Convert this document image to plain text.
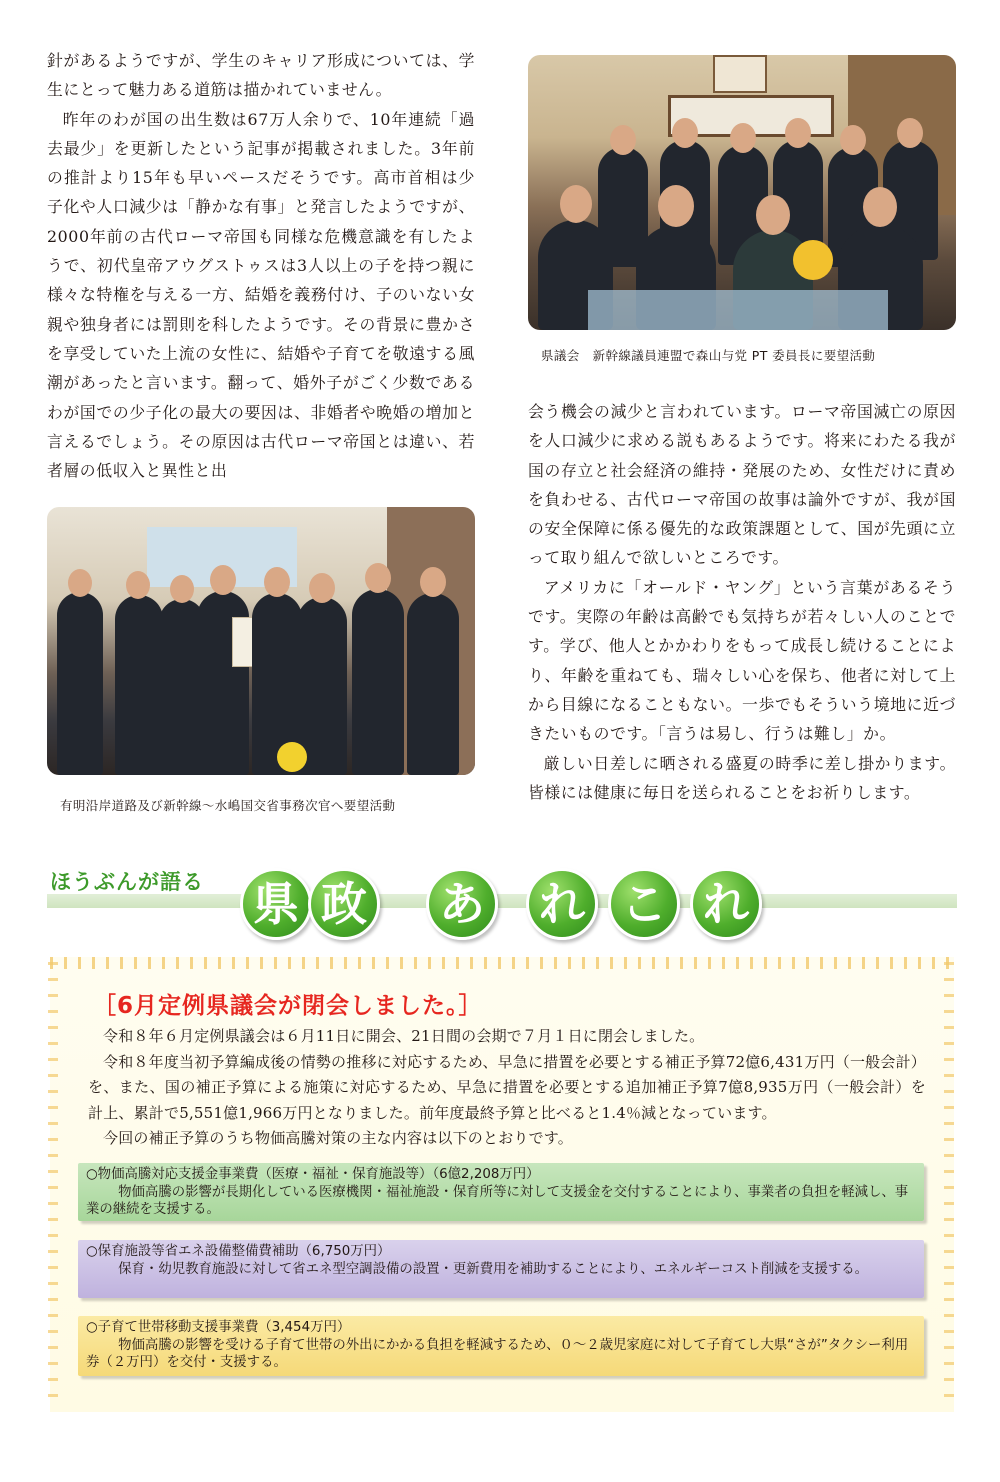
針があるようですが、学生のキャリア形成については、学生にとって魅力ある道筋は描かれていません。

昨年のわが国の出生数は67万人余りで、10年連続「過去最少」を更新したという記事が掲載されました。3年前の推計より15年も早いペースだそうです。高市首相は少子化や人口減少は「静かな有事」と発言したようですが、2000年前の古代ローマ帝国も同様な危機意識を有したようで、初代皇帝アウグストゥスは3人以上の子を持つ親に様々な特権を与える一方、結婚を義務付け、子のいない女親や独身者には罰則を科したようです。その背景に豊かさを享受していた上流の女性に、結婚や子育てを敬遠する風潮があったと言います。翻って、婚外子がごく少数であるわが国での少子化の最大の要因は、非婚者や晩婚の増加と言えるでしょう。その原因は古代ローマ帝国とは違い、若者層の低収入と異性と出

県議会　新幹線議員連盟で森山与党 PT 委員長に要望活動
有明沿岸道路及び新幹線～水嶋国交省事務次官へ要望活動

会う機会の減少と言われています。ローマ帝国滅亡の原因を人口減少に求める説もあるようです。将来にわたる我が国の存立と社会経済の維持・発展のため、女性だけに責めを負わせる、古代ローマ帝国の故事は論外ですが、我が国の安全保障に係る優先的な政策課題として、国が先頭に立って取り組んで欲しいところです。

アメリカに「オールド・ヤング」という言葉があるそうです。実際の年齢は高齢でも気持ちが若々しい人のことです。学び、他人とかかわりをもって成長し続けることにより、年齢を重ねても、瑞々しい心を保ち、他者に対して上から目線になることもない。一歩でもそういう境地に近づきたいものです。「言うは易し、行うは難し」か。

厳しい日差しに晒される盛夏の時季に差し掛かります。皆様には健康に毎日を送られることをお祈りします。

ほうぶんが語る 県 政 あ れ こ れ
［6月定例県議会が閉会しました。］

令和８年６月定例県議会は６月11日に開会、21日間の会期で７月１日に閉会しました。

令和８年度当初予算編成後の情勢の推移に対応するため、早急に措置を必要とする補正予算72億6,431万円（一般会計）を、また、国の補正予算による施策に対応するため、早急に措置を必要とする追加補正予算7億8,935万円（一般会計）を計上、累計で5,551億1,966万円となりました。前年度最終予算と比べると1.4％減となっています。

今回の補正予算のうち物価高騰対策の主な内容は以下のとおりです。

○物価高騰対応支援金事業費（医療・福祉・保育施設等）（6億2,208万円）
物価高騰の影響が長期化している医療機関・福祉施設・保育所等に対して支援金を交付することにより、事業者の負担を軽減し、事業の継続を支援する。
○保育施設等省エネ設備整備費補助（6,750万円）
保育・幼児教育施設に対して省エネ型空調設備の設置・更新費用を補助することにより、エネルギーコスト削減を支援する。
○子育て世帯移動支援事業費（3,454万円）
物価高騰の影響を受ける子育て世帯の外出にかかる負担を軽減するため、０～２歳児家庭に対して子育てし大県“さが”タクシー利用券（２万円）を交付・支援する。
